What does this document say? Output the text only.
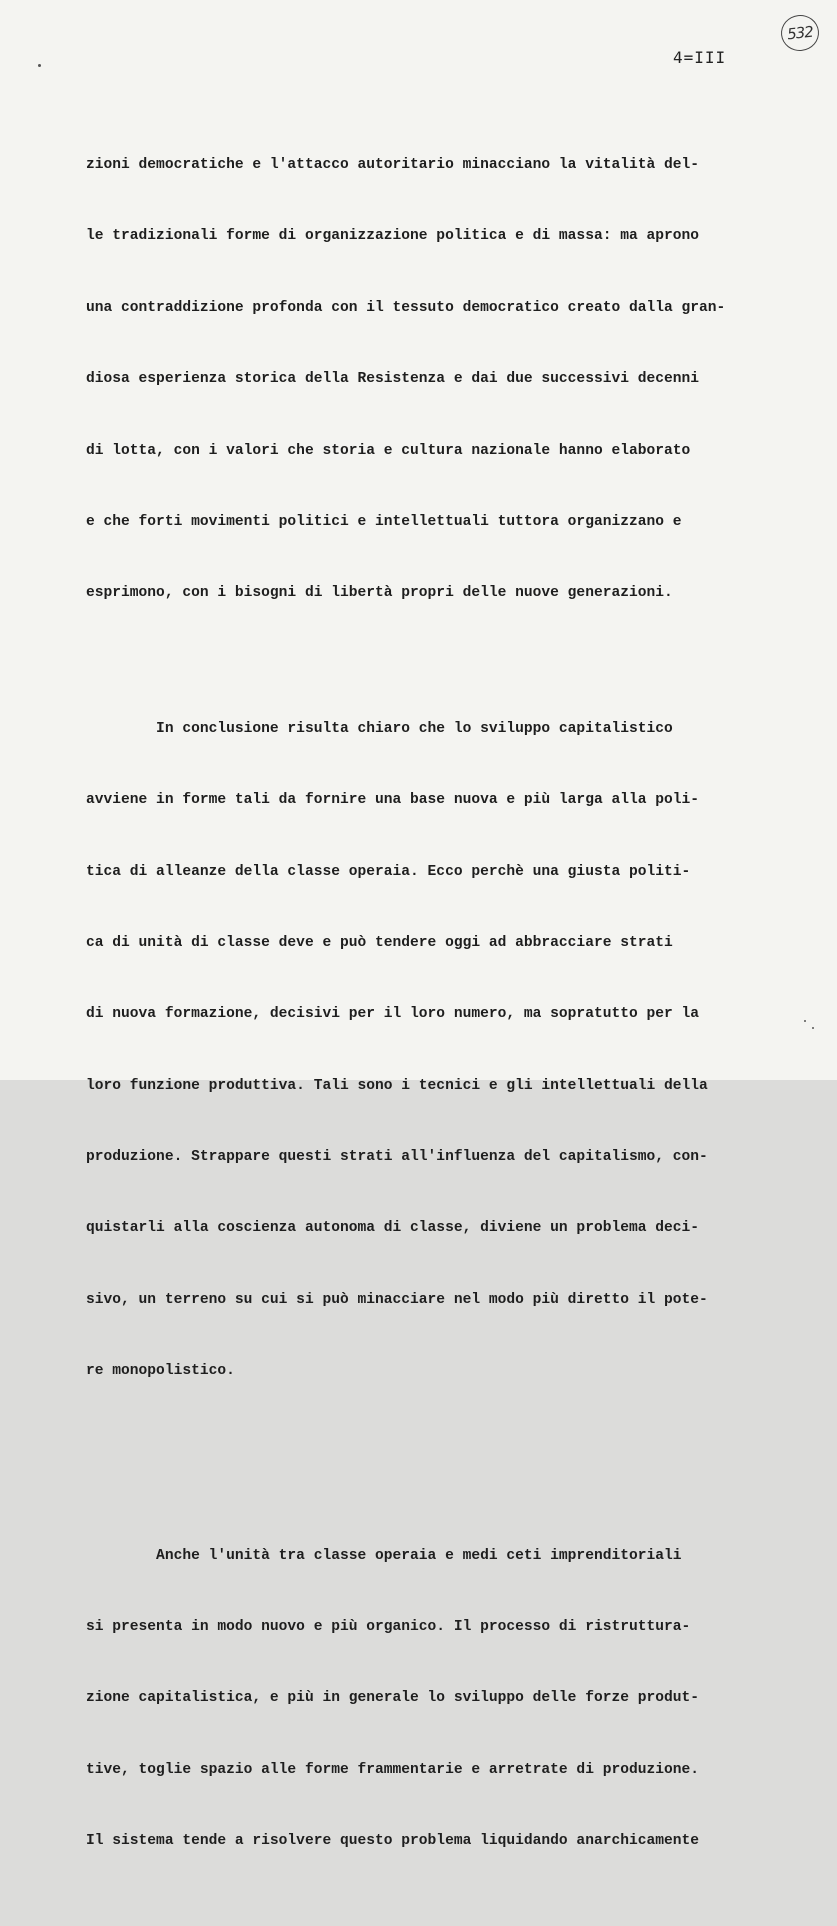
532
4=III

zioni democratiche e l'attacco autoritario minacciano la vitalità del-

le tradizionali forme di organizzazione politica e di massa: ma aprono

una contraddizione profonda con il tessuto democratico creato dalla gran-

diosa esperienza storica della Resistenza e dai due successivi decenni

di lotta, con i valori che storia e cultura nazionale hanno elaborato

e che forti movimenti politici e intellettuali tuttora organizzano e

esprimono, con i bisogni di libertà propri delle nuove generazioni.

In conclusione risulta chiaro che lo sviluppo capitalistico

avviene in forme tali da fornire una base nuova e più larga alla poli-

tica di alleanze della classe operaia. Ecco perchè una giusta politi-

ca di unità di classe deve e può tendere oggi ad abbracciare strati

di nuova formazione, decisivi per il loro numero, ma sopratutto per la

loro funzione produttiva. Tali sono i tecnici e gli intellettuali della

produzione. Strappare questi strati all'influenza del capitalismo, con-

quistarli alla coscienza autonoma di classe, diviene un problema deci-

sivo, un terreno su cui si può minacciare nel modo più diretto il pote-

re monopolistico.

Anche l'unità tra classe operaia e medi ceti imprenditoriali

si presenta in modo nuovo e più organico. Il processo di ristruttura-

zione capitalistica, e più in generale lo sviluppo delle forze produt-

tive, toglie spazio alle forme frammentarie e arretrate di produzione.

Il sistema tende a risolvere questo problema liquidando anarchicamente
